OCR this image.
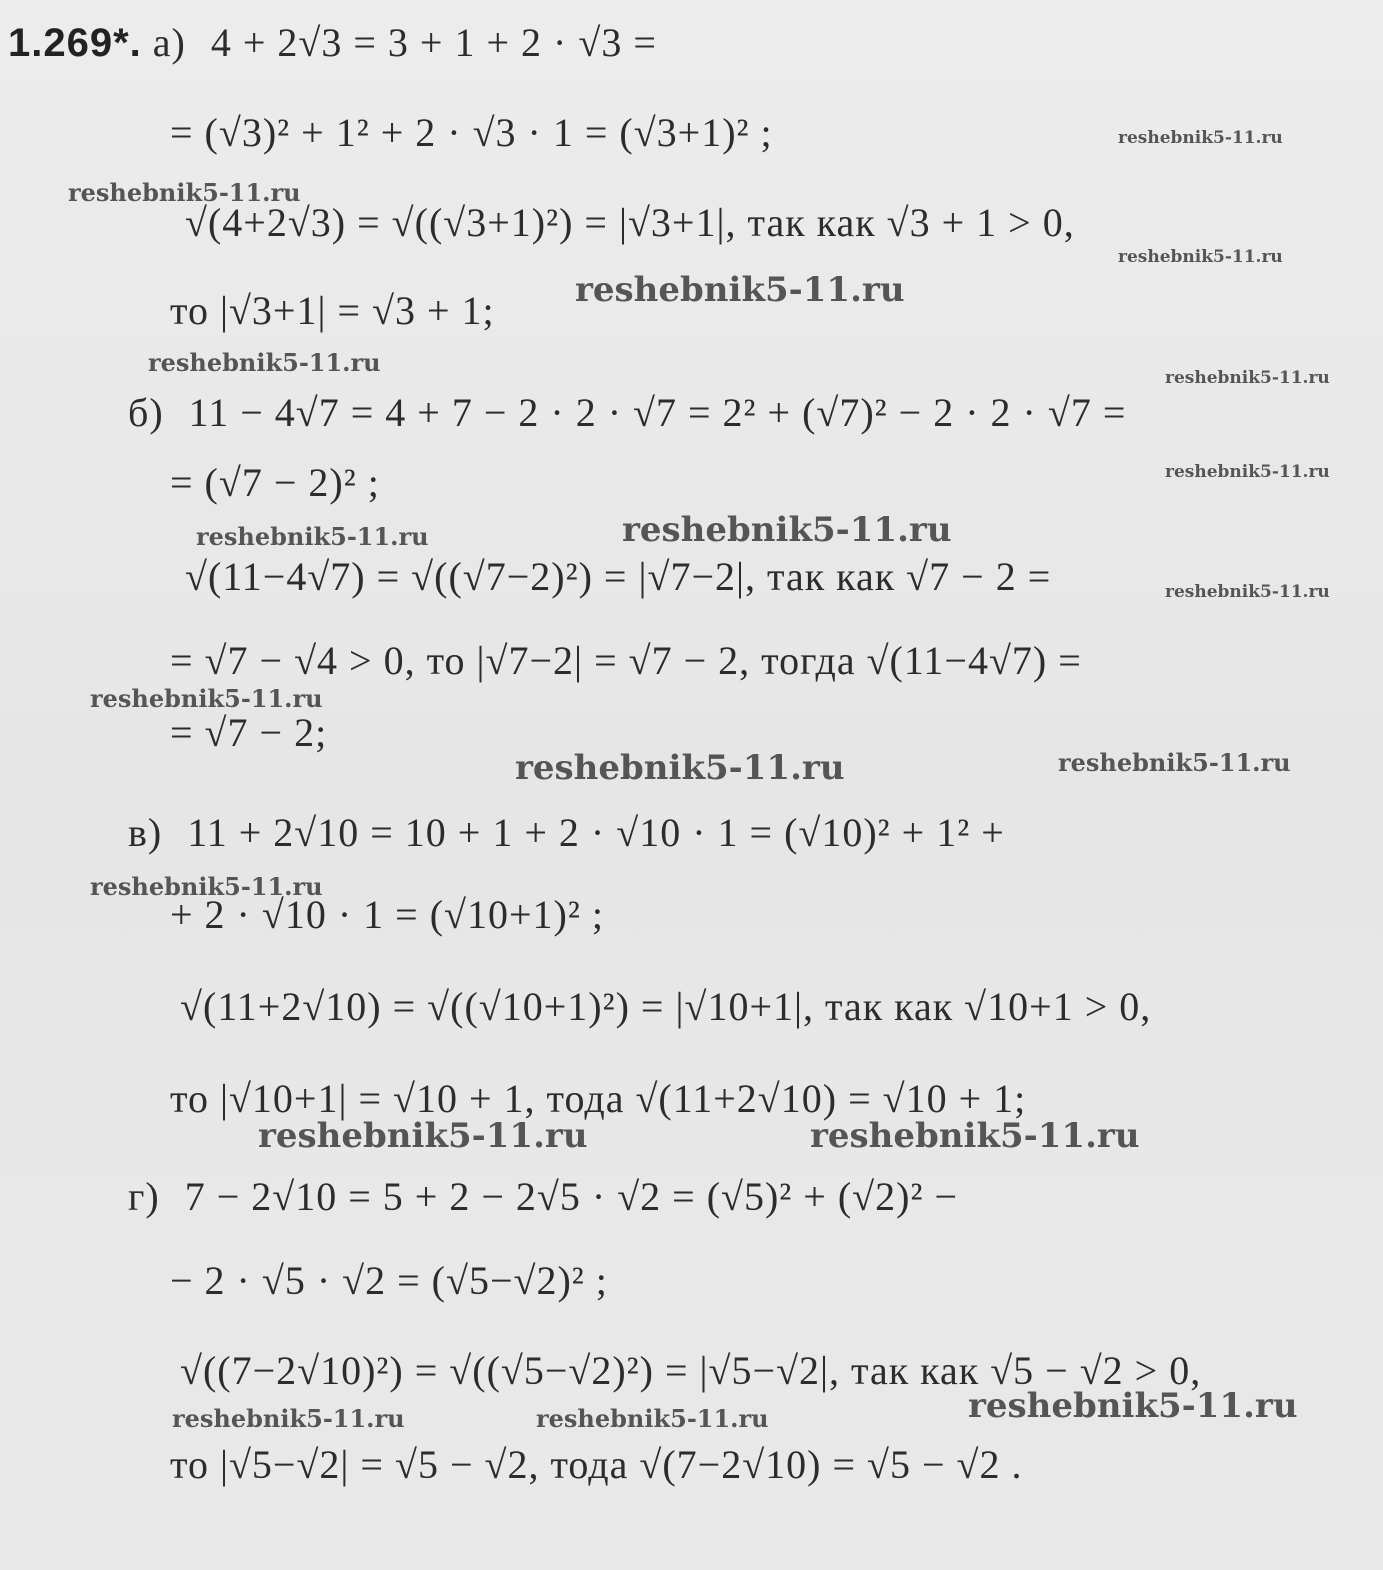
1.269*. а) 4 + 2√3 = 3 + 1 + 2 · √3 =
= (√3)² + 1² + 2 · √3 · 1 = (√3+1)² ;
√(4+2√3) = √((√3+1)²) = |√3+1|, так как √3 + 1 > 0,
то |√3+1| = √3 + 1;
б) 11 − 4√7 = 4 + 7 − 2 · 2 · √7 = 2² + (√7)² − 2 · 2 · √7 =
= (√7 − 2)² ;
√(11−4√7) = √((√7−2)²) = |√7−2|, так как √7 − 2 =
= √7 − √4 > 0, то |√7−2| = √7 − 2, тогда √(11−4√7) =
= √7 − 2;
в) 11 + 2√10 = 10 + 1 + 2 · √10 · 1 = (√10)² + 1² +
+ 2 · √10 · 1 = (√10+1)² ;
√(11+2√10) = √((√10+1)²) = |√10+1|, так как √10+1 > 0,
то |√10+1| = √10 + 1, тода √(11+2√10) = √10 + 1;
г) 7 − 2√10 = 5 + 2 − 2√5 · √2 = (√5)² + (√2)² −
− 2 · √5 · √2 = (√5−√2)² ;
√((7−2√10)²) = √((√5−√2)²) = |√5−√2|, так как √5 − √2 > 0,
то |√5−√2| = √5 − √2, тода √(7−2√10) = √5 − √2 .
reshebnik5-11.ru
reshebnik5-11.ru
reshebnik5-11.ru
reshebnik5-11.ru
reshebnik5-11.ru
reshebnik5-11.ru
reshebnik5-11.ru
reshebnik5-11.ru	reshebnik5-11.ru
reshebnik5-11.ru
reshebnik5-11.ru
reshebnik5-11.ru	reshebnik5-11.ru
reshebnik5-11.ru
reshebnik5-11.ru	reshebnik5-11.ru
reshebnik5-11.ru
reshebnik5-11.ru	reshebnik5-11.ru
